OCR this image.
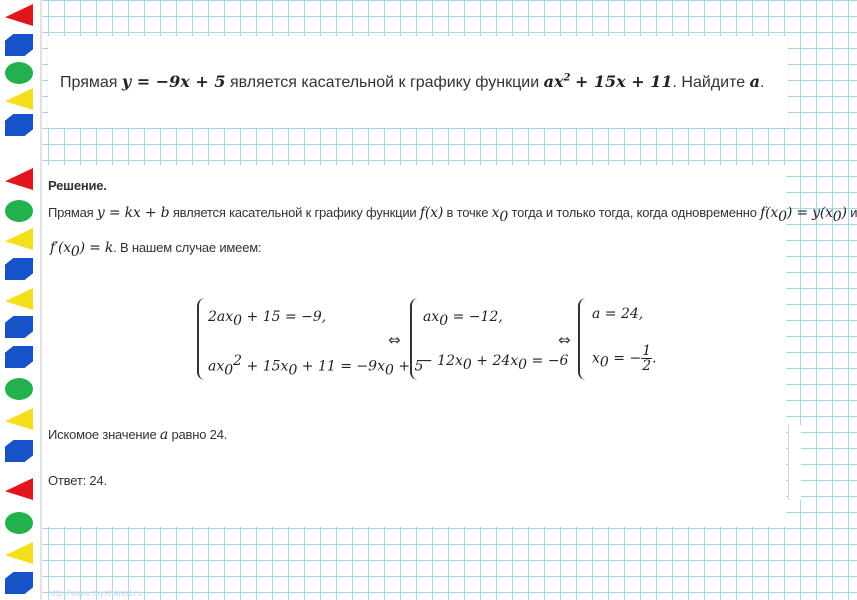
Прямая y = −9x + 5 является касательной к графику функции $ax^2 + 15x + 11$. Найдите a.
Решение.
Прямая y = kx + b является касательной к графику функции f(x) в точке $x_0$ тогда и только тогда, когда одновременно $f(x_0) = y(x_0)$ и
$f'(x_0) = k$. В нашем случае имеем:
$2ax_0 + 15 = -9$,
$ax_0^2 + 15x_0 + 11 = -9x_0 + 5$
⇔
$ax_0 = -12$,
− $12x_0 + 24x_0 = -6$
⇔
a = 24,
$x_0$ = − $\frac{1}{2}$ .
Искомое значение a равно 24.
Ответ: 24.
http://www.myshared.ru
